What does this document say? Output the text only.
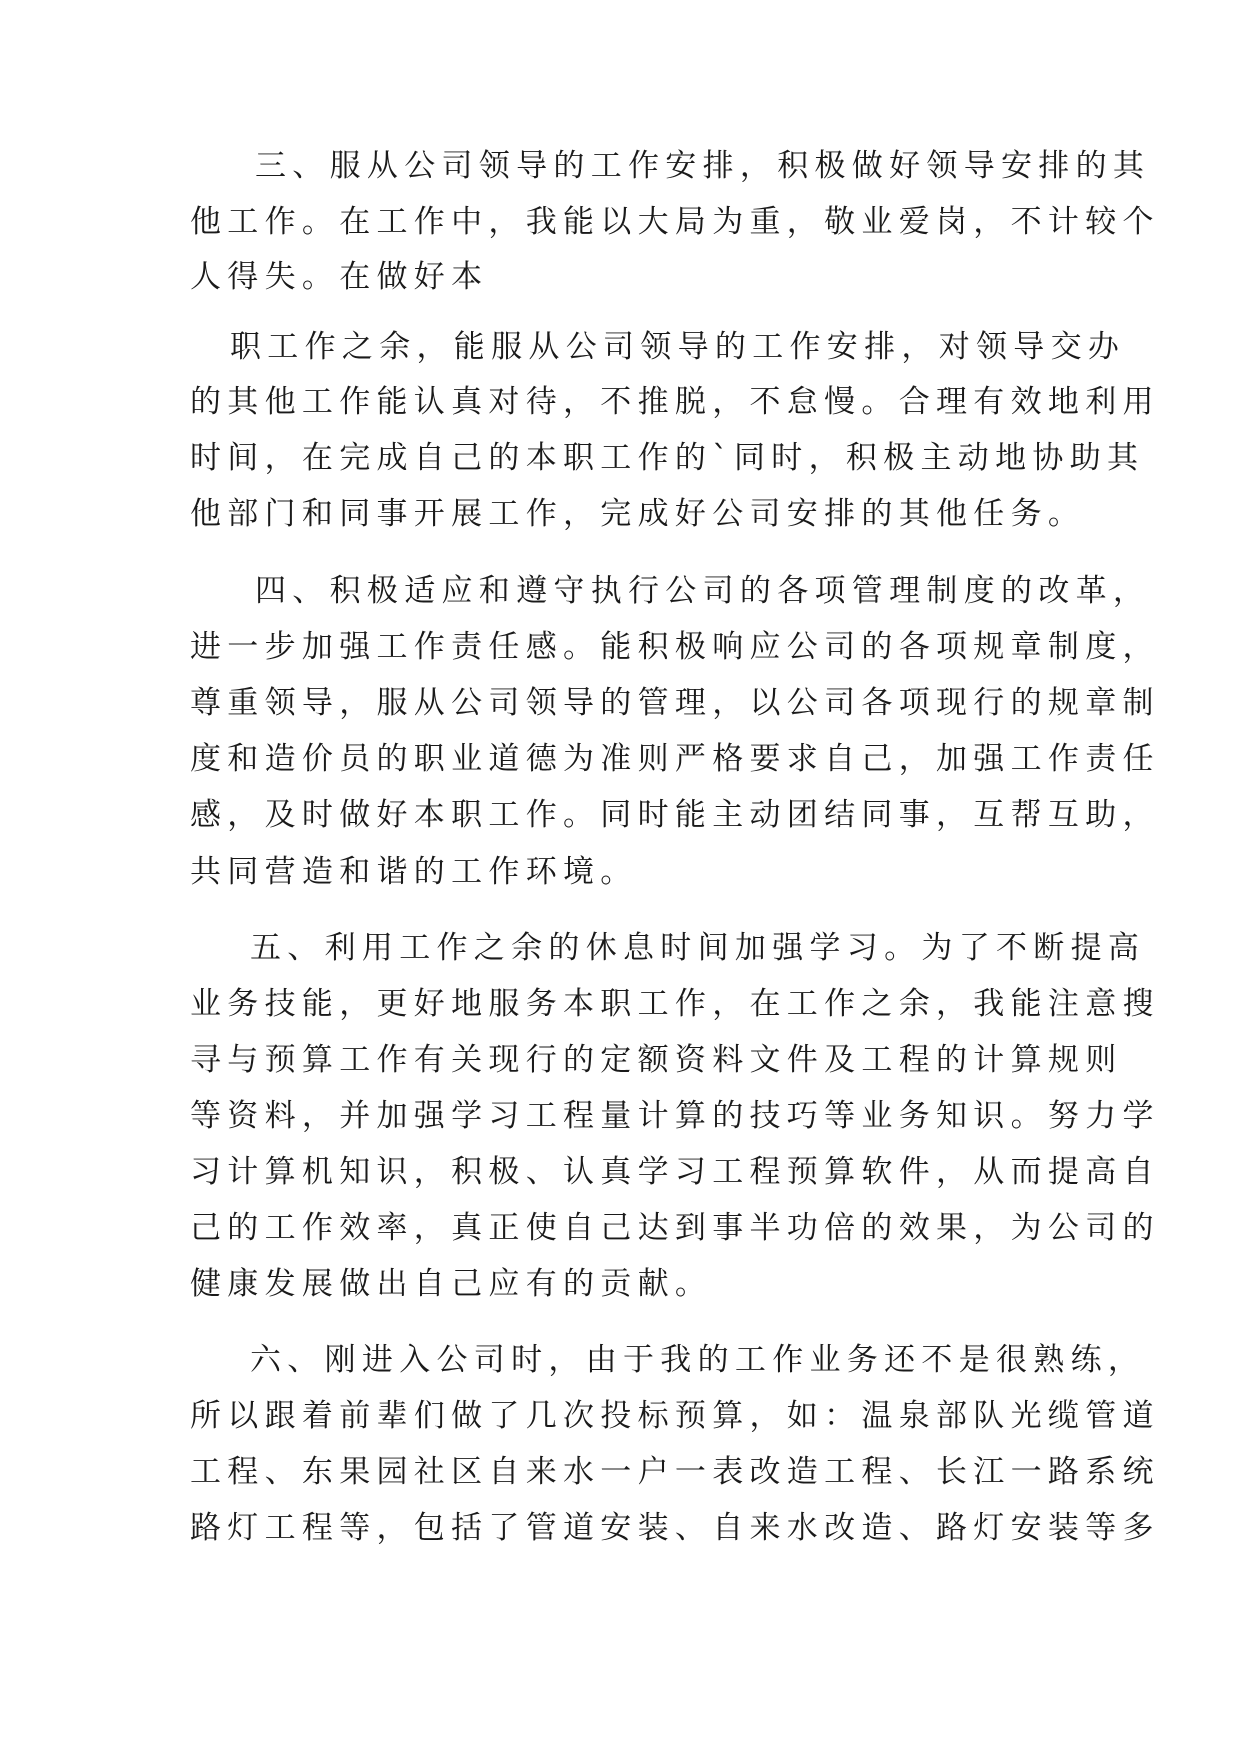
三、服从公司领导的工作安排，积极做好领导安排的其
他工作。在工作中，我能以大局为重，敬业爱岗，不计较个
人得失。在做好本
职工作之余，能服从公司领导的工作安排，对领导交办
的其他工作能认真对待，不推脱，不怠慢。合理有效地利用
时间，在完成自己的本职工作的`同时，积极主动地协助其
他部门和同事开展工作，完成好公司安排的其他任务。
四、积极适应和遵守执行公司的各项管理制度的改革，
进一步加强工作责任感。能积极响应公司的各项规章制度，
尊重领导，服从公司领导的管理，以公司各项现行的规章制
度和造价员的职业道德为准则严格要求自己，加强工作责任
感，及时做好本职工作。同时能主动团结同事，互帮互助，
共同营造和谐的工作环境。
五、利用工作之余的休息时间加强学习。为了不断提高
业务技能，更好地服务本职工作，在工作之余，我能注意搜
寻与预算工作有关现行的定额资料文件及工程的计算规则
等资料，并加强学习工程量计算的技巧等业务知识。努力学
习计算机知识，积极、认真学习工程预算软件，从而提高自
己的工作效率，真正使自己达到事半功倍的效果，为公司的
健康发展做出自己应有的贡献。
六、刚进入公司时，由于我的工作业务还不是很熟练，
所以跟着前辈们做了几次投标预算，如：温泉部队光缆管道
工程、东果园社区自来水一户一表改造工程、长江一路系统
路灯工程等，包括了管道安装、自来水改造、路灯安装等多
